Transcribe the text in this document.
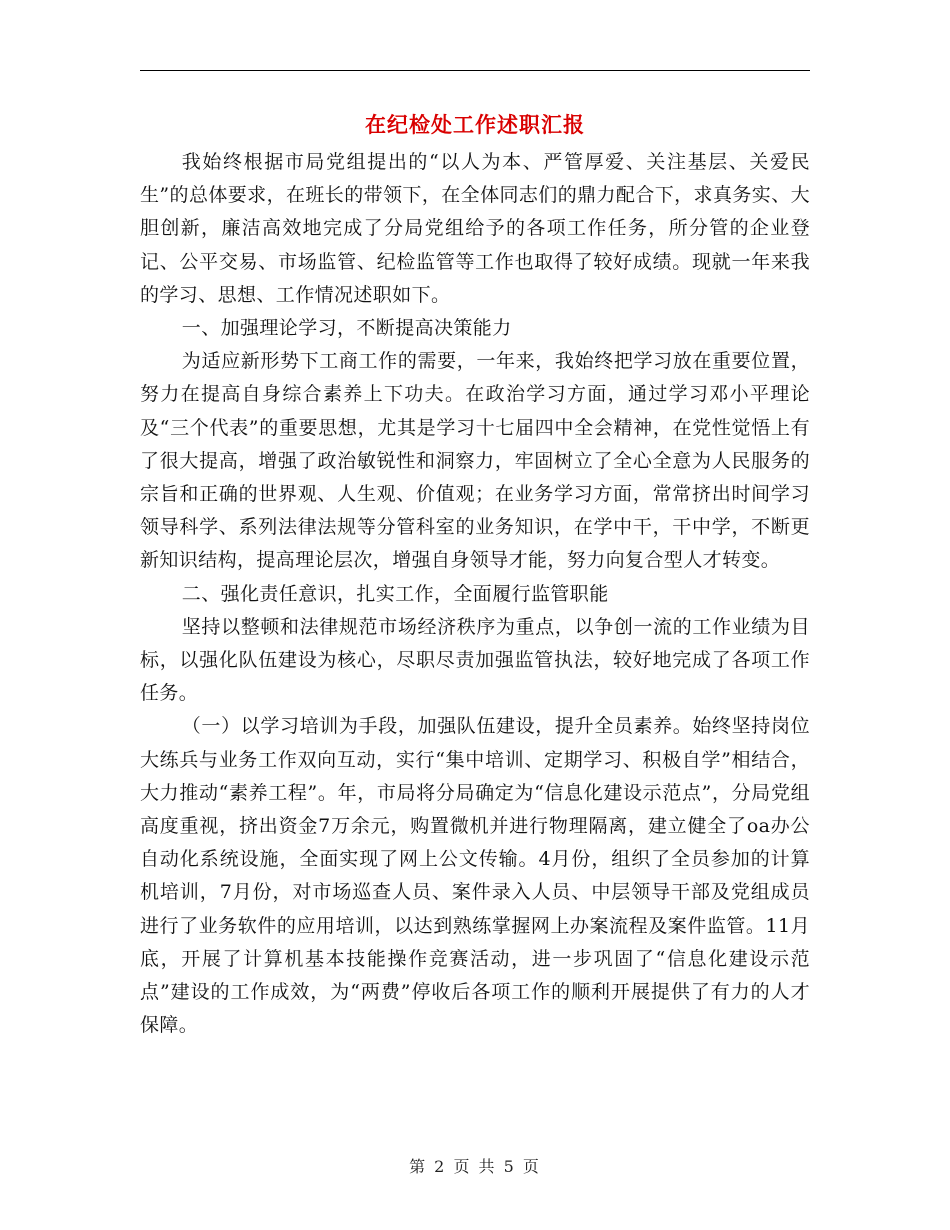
在纪检处工作述职汇报

我始终根据市局党组提出的“以人为本、严管厚爱、关注基层、关爱民生”的总体要求，在班长的带领下，在全体同志们的鼎力配合下，求真务实、大胆创新，廉洁高效地完成了分局党组给予的各项工作任务，所分管的企业登记、公平交易、市场监管、纪检监管等工作也取得了较好成绩。现就一年来我的学习、思想、工作情况述职如下。

一、加强理论学习，不断提高决策能力

为适应新形势下工商工作的需要，一年来，我始终把学习放在重要位置，努力在提高自身综合素养上下功夫。在政治学习方面，通过学习邓小平理论及“三个代表”的重要思想，尤其是学习十七届四中全会精神，在党性觉悟上有了很大提高，增强了政治敏锐性和洞察力，牢固树立了全心全意为人民服务的宗旨和正确的世界观、人生观、价值观；在业务学习方面，常常挤出时间学习领导科学、系列法律法规等分管科室的业务知识，在学中干，干中学，不断更新知识结构，提高理论层次，增强自身领导才能，努力向复合型人才转变。

二、强化责任意识，扎实工作，全面履行监管职能

坚持以整顿和法律规范市场经济秩序为重点，以争创一流的工作业绩为目标，以强化队伍建设为核心，尽职尽责加强监管执法，较好地完成了各项工作任务。

（一）以学习培训为手段，加强队伍建设，提升全员素养。始终坚持岗位大练兵与业务工作双向互动，实行“集中培训、定期学习、积极自学”相结合，大力推动“素养工程”。年，市局将分局确定为“信息化建设示范点”，分局党组高度重视，挤出资金7万余元，购置微机并进行物理隔离，建立健全了oa办公自动化系统设施，全面实现了网上公文传输。4月份，组织了全员参加的计算机培训，7月份，对市场巡查人员、案件录入人员、中层领导干部及党组成员进行了业务软件的应用培训，以达到熟练掌握网上办案流程及案件监管。11月底，开展了计算机基本技能操作竞赛活动，进一步巩固了“信息化建设示范点”建设的工作成效，为“两费”停收后各项工作的顺利开展提供了有力的人才保障。

第 2 页 共 5 页
